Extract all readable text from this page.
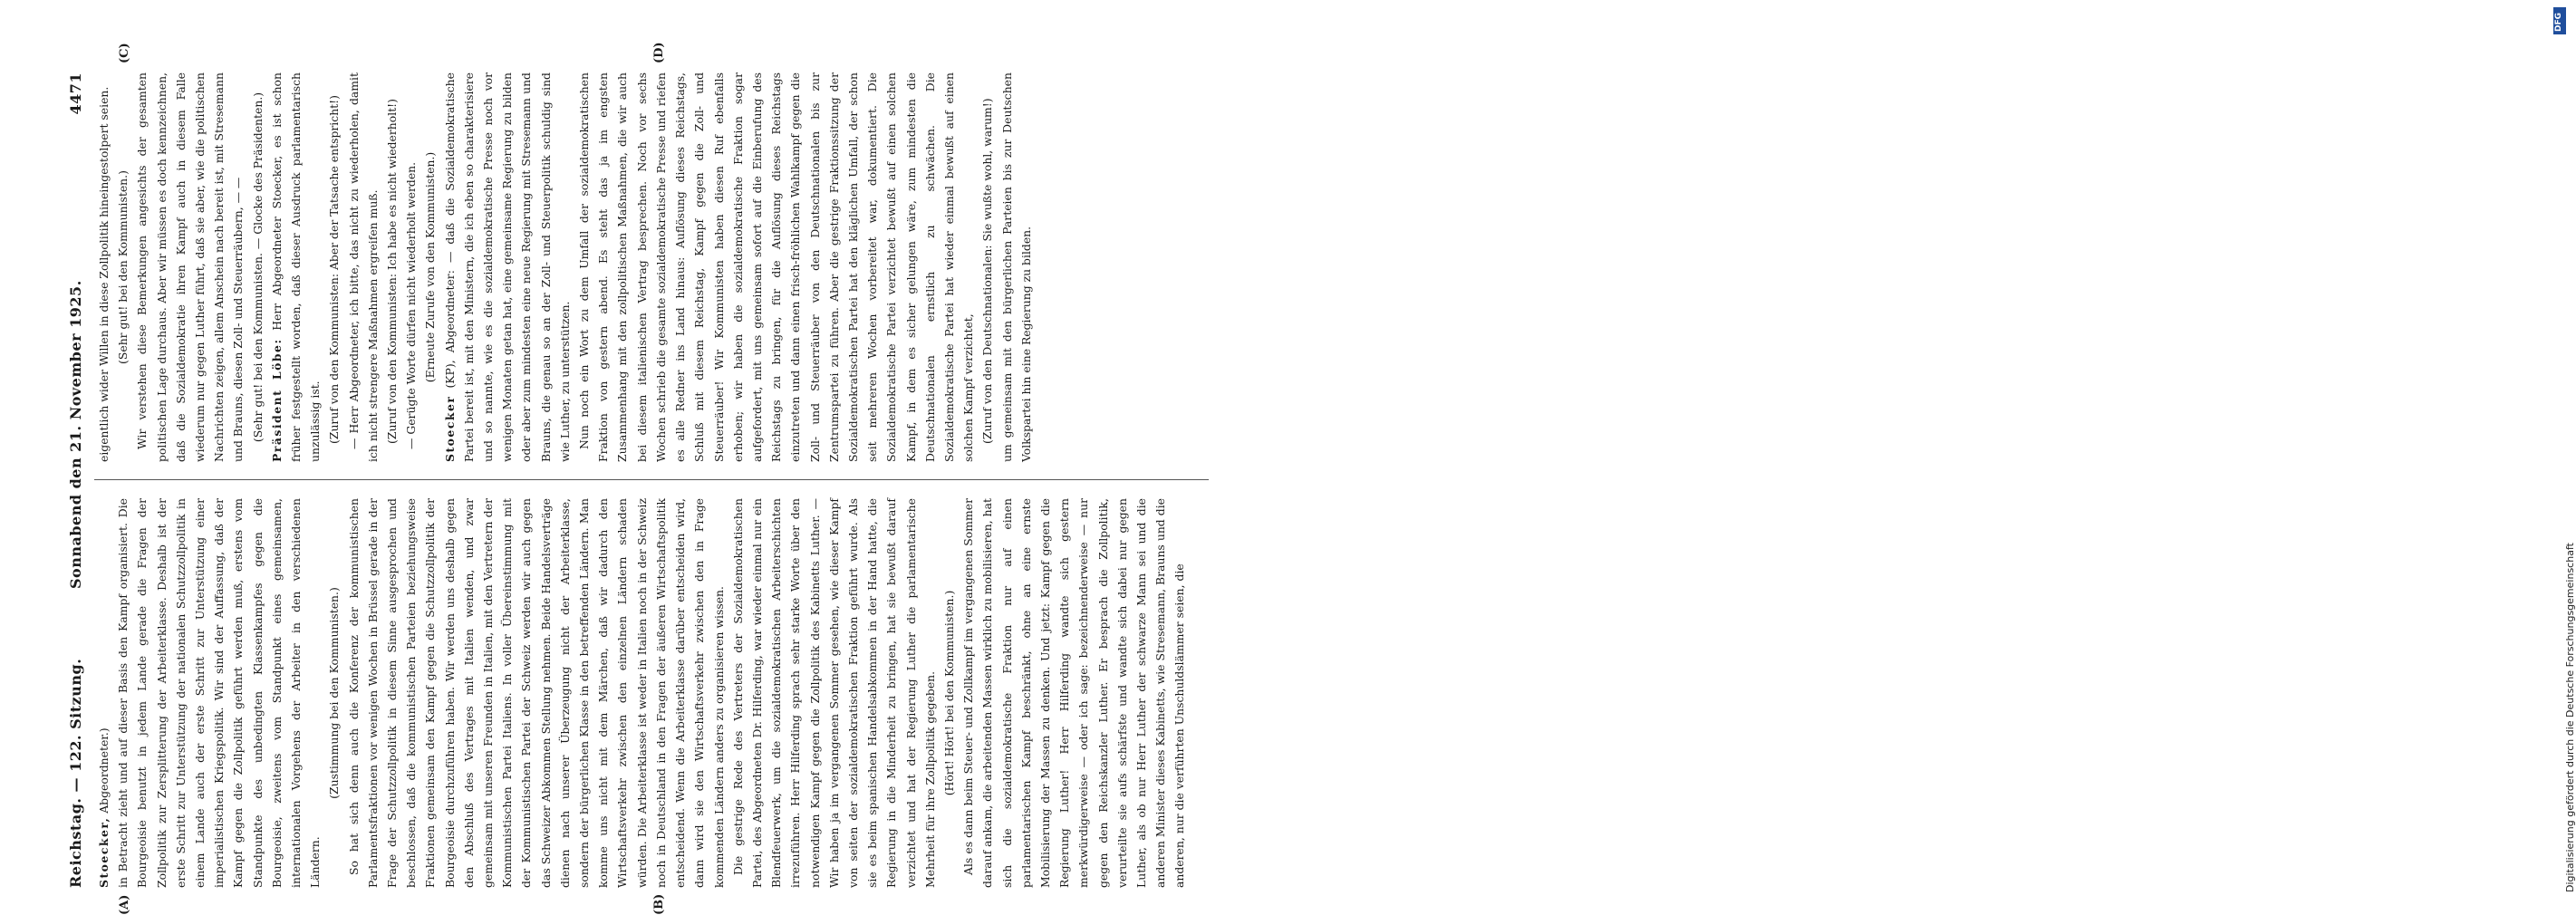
Reichstag. — 122. Sitzung.
Sonnabend den 21. November 1925.
4471

Stoecker, Abgeordneter.) in Betracht zieht und auf dieser Basis den Kampf organisiert. Die Bourgeoisie benutzt in jedem Lande gerade die Fragen der Zollpolitik zur Zersplitterung der Arbeiterklasse. Deshalb ist der erste Schritt zur Unterstützung der nationalen Schutzzollpolitik in einem Lande auch der erste Schritt zur Unterstützung einer imperialistischen Kriegspolitik. Wir sind der Auffassung, daß der Kampf gegen die Zollpolitik geführt werden muß, erstens vom Standpunkte des unbedingten Klassenkampfes gegen die Bourgeoisie, zweitens vom Standpunkt eines gemeinsamen, internationalen Vorgehens der Arbeiter in den verschiedenen Ländern.

(Zustimmung bei den Kommunisten.) So hat sich denn auch die Konferenz der kommunistischen Parlamentsfraktionen vor wenigen Wochen in Brüssel gerade in der Frage der Schutzzollpolitik in diesem Sinne ausgesprochen und beschlossen, daß die kommunistischen Parteien beziehungsweise Fraktionen gemeinsam den Kampf gegen die Schutzzollpolitik der Bourgeoisie durchzuführen haben. Wir werden uns deshalb gegen den Abschluß des Vertrages mit Italien wenden, und zwar gemeinsam mit unseren Freunden in Italien, mit den Vertretern der Kommunistischen Partei Italiens. In voller Übereinstimmung mit der Kommunistischen Partei der Schweiz werden wir auch gegen das Schweizer Abkommen Stellung nehmen. Beide Handelsverträge dienen nach unserer Überzeugung nicht der Arbeiterklasse, sondern der bürgerlichen Klasse in den betreffenden Ländern. Man komme uns nicht mit dem Märchen, daß wir dadurch den Wirtschaftsverkehr zwischen den einzelnen Ländern schaden würden. Die Arbeiterklasse ist weder in Italien noch in der Schweiz noch in Deutschland in den Fragen der äußeren Wirtschaftspolitik entscheidend. Wenn die Arbeiterklasse darüber entscheiden wird, dann wird sie den Wirtschaftsverkehr zwischen den in Frage kommenden Ländern anders zu organisieren wissen. Die gestrige Rede des Vertreters der Sozialdemokratischen Partei, des Abgeordneten Dr. Hilferding, war wieder einmal nur ein Blendfeuerwerk, um die sozialdemokratischen Arbeiterschichten irrezuführen. Herr Hilferding sprach sehr starke Worte über den notwendigen Kampf gegen die Zollpolitik des Kabinetts Luther. — Wir haben ja im vergangenen Sommer gesehen, wie dieser Kampf von seiten der sozialdemokratischen Fraktion geführt wurde. Als sie es beim spanischen Handelsabkommen in der Hand hatte, die Regierung in die Minderheit zu bringen, hat sie bewußt darauf verzichtet und hat der Regierung Luther die parlamentarische Mehrheit für ihre Zollpolitik gegeben. (Hört! Hört! bei den Kommunisten.) Als es dann beim Steuer- und Zollkampf im vergangenen Sommer darauf ankam, die arbeitenden Massen wirklich zu mobilisieren, hat sich die sozialdemokratische Fraktion nur auf einen parlamentarischen Kampf beschränkt, ohne an eine ernste Mobilisierung der Massen zu denken. Und jetzt: Kampf gegen die Regierung Luther! Herr Hilferding wandte sich gestern merkwürdigerweise — oder ich sage: bezeichnenderweise — nur gegen den Reichskanzler Luther. Er besprach die Zollpolitik, verurteilte sie aufs schärfste und wandte sich dabei nur gegen Luther, als ob nur Herr Luther der schwarze Mann sei und die anderen Minister dieses Kabinetts, wie Stresemann, Brauns und die anderen, nur die verführten Unschuldslämmer seien, die

eigentlich wider Willen in diese Zollpolitik hineingestolpert seien. (Sehr gut! bei den Kommunisten.) Wir verstehen diese Bemerkungen angesichts der gesamten politischen Lage durchaus. Aber wir müssen es doch kennzeichnen, daß die Sozialdemokratie ihren Kampf auch in diesem Falle wiederum nur gegen Luther führt, daß sie aber, wie die politischen Nachrichten zeigen, allem Anschein nach bereit ist, mit Stresemann und Brauns, diesen Zoll- und Steuerräubern, — — (Sehr gut! bei den Kommunisten. — Glocke des Präsidenten.) Präsident Löbe: Herr Abgeordneter Stoecker, es ist schon früher festgestellt worden, daß dieser Ausdruck parlamentarisch unzulässig ist. (Zuruf von den Kommunisten: Aber der Tatsache entspricht!) — Herr Abgeordneter, ich bitte, das nicht zu wiederholen, damit ich nicht strengere Maßnahmen ergreifen muß. (Zuruf von den Kommunisten: Ich habe es nicht wiederholt!) — Gerügte Worte dürfen nicht wiederholt werden. (Erneute Zurufe von den Kommunisten.)

Stoecker (KP), Abgeordneter: — daß die Sozialdemokratische Partei bereit ist, mit den Ministern, die ich eben so charakterisiere und so nannte, wie es die sozialdemokratische Presse noch vor wenigen Monaten getan hat, eine gemeinsame Regierung zu bilden oder aber zum mindesten eine neue Regierung mit Stresemann und Brauns, die genau so an der Zoll- und Steuerpolitik schuldig sind wie Luther, zu unterstützen. Nun noch ein Wort zu dem Umfall der sozialdemokratischen Fraktion von gestern abend. Es steht das ja im engsten Zusammenhang mit den zollpolitischen Maßnahmen, die wir auch bei diesem italienischen Vertrag besprechen. Noch vor sechs Wochen schrieb die gesamte sozialdemokratische Presse und riefen es alle Redner ins Land hinaus: Auflösung dieses Reichstags, Schluß mit diesem Reichstag, Kampf gegen die Zoll- und Steuerräuber! Wir Kommunisten haben diesen Ruf ebenfalls erhoben; wir haben die sozialdemokratische Fraktion sogar aufgefordert, mit uns gemeinsam sofort auf die Einberufung des Reichstags zu bringen, für die Auflösung dieses Reichstags einzutreten und dann einen frisch-fröhlichen Wahlkampf gegen die Zoll- und Steuerräuber von den Deutschnationalen bis zur Zentrumspartei zu führen. Aber die gestrige Fraktionssitzung der Sozialdemokratischen Partei hat den kläglichen Umfall, der schon seit mehreren Wochen vorbereitet war, dokumentiert. Die Sozialdemokratische Partei verzichtet bewußt auf einen solchen Kampf, in dem es sicher gelungen wäre, zum mindesten die Deutschnationalen ernstlich zu schwächen. Die Sozialdemokratische Partei hat wieder einmal bewußt auf einen solchen Kampf verzichtet, (Zuruf von den Deutschnationalen: Sie wußte wohl, warum!) um gemeinsam mit den bürgerlichen Parteien bis zur Deutschen Volkspartei hin eine Regierung zu bilden.

(A)	(B)
(C)	(D)
DFG
Digitalisierung gefördert durch die Deutsche Forschungsgemeinschaft
